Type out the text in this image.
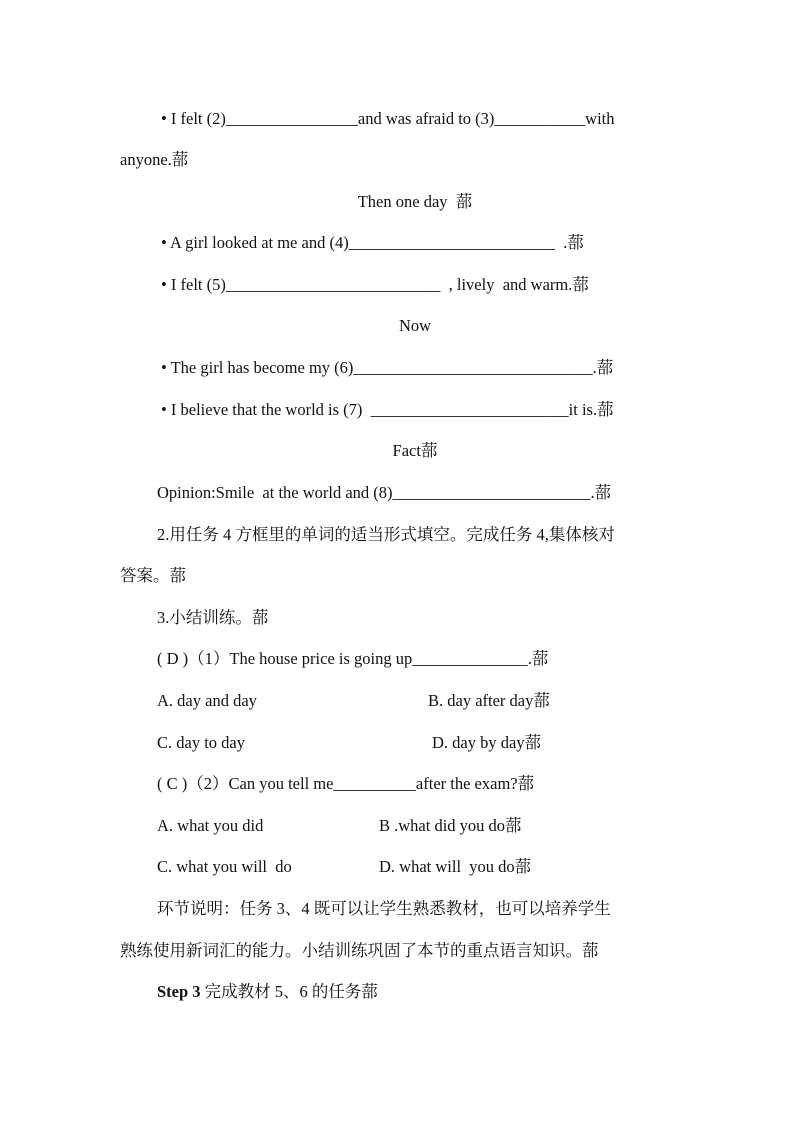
• I felt (2)________________and was afraid to (3)___________with
anyone.蔀
Then one day  蔀
• A girl looked at me and (4)_________________________  .蔀
• I felt (5)__________________________  , lively  and warm.蔀
Now
• The girl has become my (6)_____________________________.蔀
• I believe that the world is (7)  ________________________it is.蔀
Fact蔀
Opinion:Smile  at the world and (8)________________________.蔀
2.用任务 4 方框里的单词的适当形式填空。完成任务 4,集体核对
答案。蔀
3.小结训练。蔀
( D )（1）The house price is going up______________.蔀
A. day and day	B. day after day蔀
C. day to day	D. day by day蔀
( C )（2）Can you tell me__________after the exam?蔀
A. what you did	B .what did you do蔀
C. what you will  do	D. what will  you do蔀
环节说明：任务 3、4 既可以让学生熟悉教材，也可以培养学生
熟练使用新词汇的能力。小结训练巩固了本节的重点语言知识。蔀
Step 3 完成教材 5、6 的任务蔀
